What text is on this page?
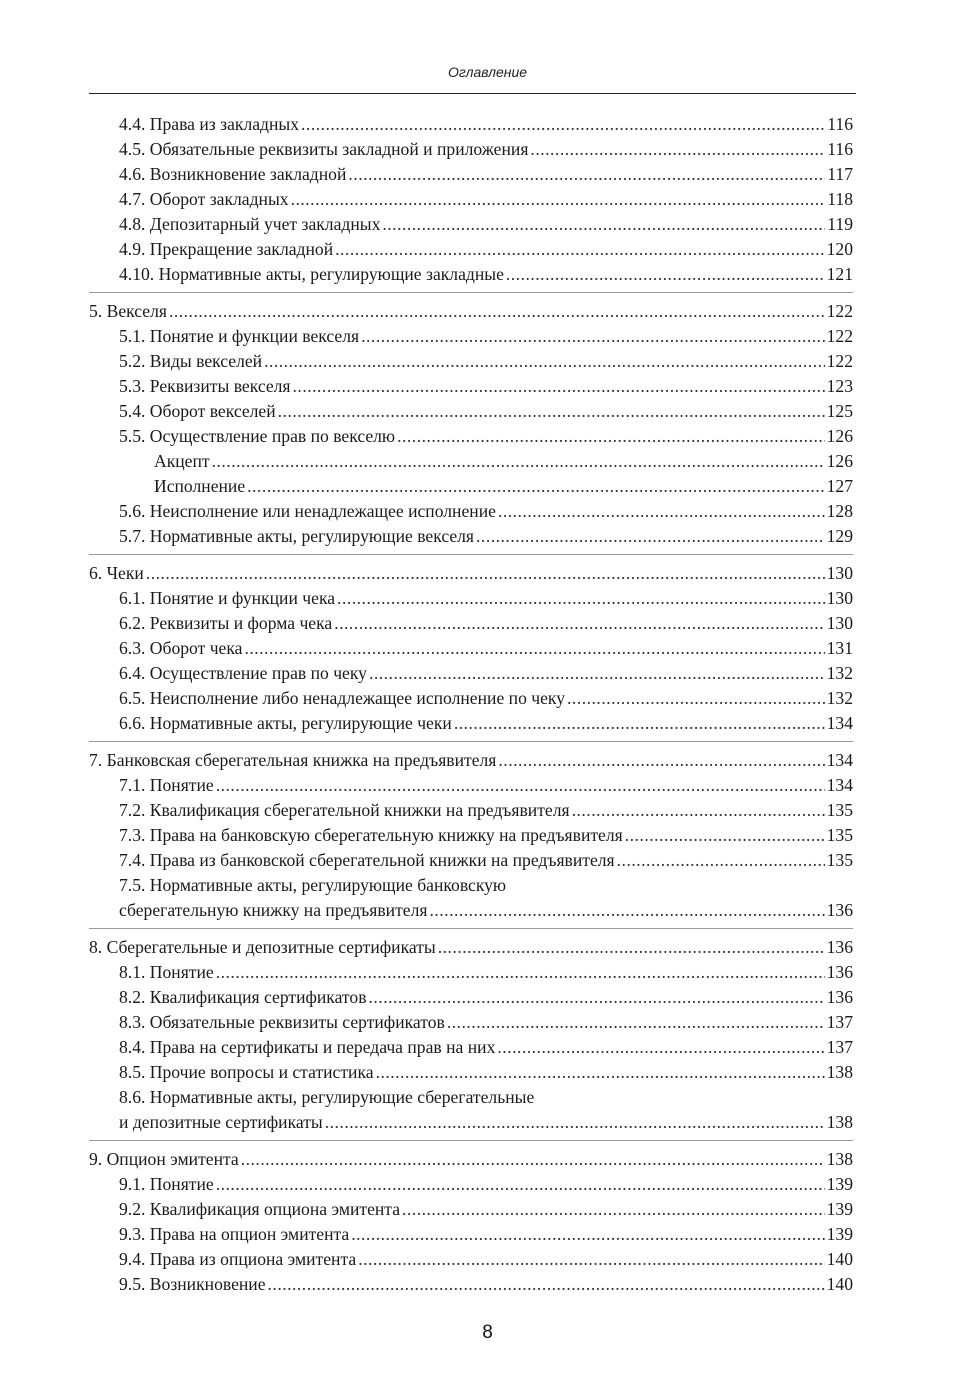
Оглавление
4.4. Права из закладных .....	116
4.5. Обязательные реквизиты закладной и приложения .....	116
4.6. Возникновение закладной .....	117
4.7. Оборот закладных .....	118
4.8. Депозитарный учет закладных .....	119
4.9. Прекращение закладной .....	120
4.10. Нормативные акты, регулирующие закладные .....	121
5. Векселя .....	122
5.1. Понятие и функции векселя .....	122
5.2. Виды векселей .....	122
5.3. Реквизиты векселя .....	123
5.4. Оборот векселей .....	125
5.5. Осуществление прав по векселю .....	126
Акцепт .....	126
Исполнение .....	127
5.6. Неисполнение или ненадлежащее исполнение .....	128
5.7. Нормативные акты, регулирующие векселя .....	129
6. Чеки .....	130
6.1. Понятие и функции чека .....	130
6.2. Реквизиты и форма чека .....	130
6.3. Оборот чека .....	131
6.4. Осуществление прав по чеку .....	132
6.5. Неисполнение либо ненадлежащее исполнение по чеку .....	132
6.6. Нормативные акты, регулирующие чеки .....	134
7. Банковская сберегательная книжка на предъявителя .....	134
7.1. Понятие .....	134
7.2. Квалификация сберегательной книжки на предъявителя .....	135
7.3. Права на банковскую сберегательную книжку на предъявителя .....	135
7.4. Права из банковской сберегательной книжки на предъявителя .....	135
7.5. Нормативные акты, регулирующие банковскую
сберегательную книжку на предъявителя .....	136
8. Сберегательные и депозитные сертификаты .....	136
8.1. Понятие .....	136
8.2. Квалификация сертификатов .....	136
8.3. Обязательные реквизиты сертификатов .....	137
8.4. Права на сертификаты и передача прав на них .....	137
8.5. Прочие вопросы и статистика .....	138
8.6. Нормативные акты, регулирующие сберегательные
и депозитные сертификаты .....	138
9. Опцион эмитента .....	138
9.1. Понятие .....	139
9.2. Квалификация опциона эмитента .....	139
9.3. Права на опцион эмитента .....	139
9.4. Права из опциона эмитента .....	140
9.5. Возникновение .....	140
8
